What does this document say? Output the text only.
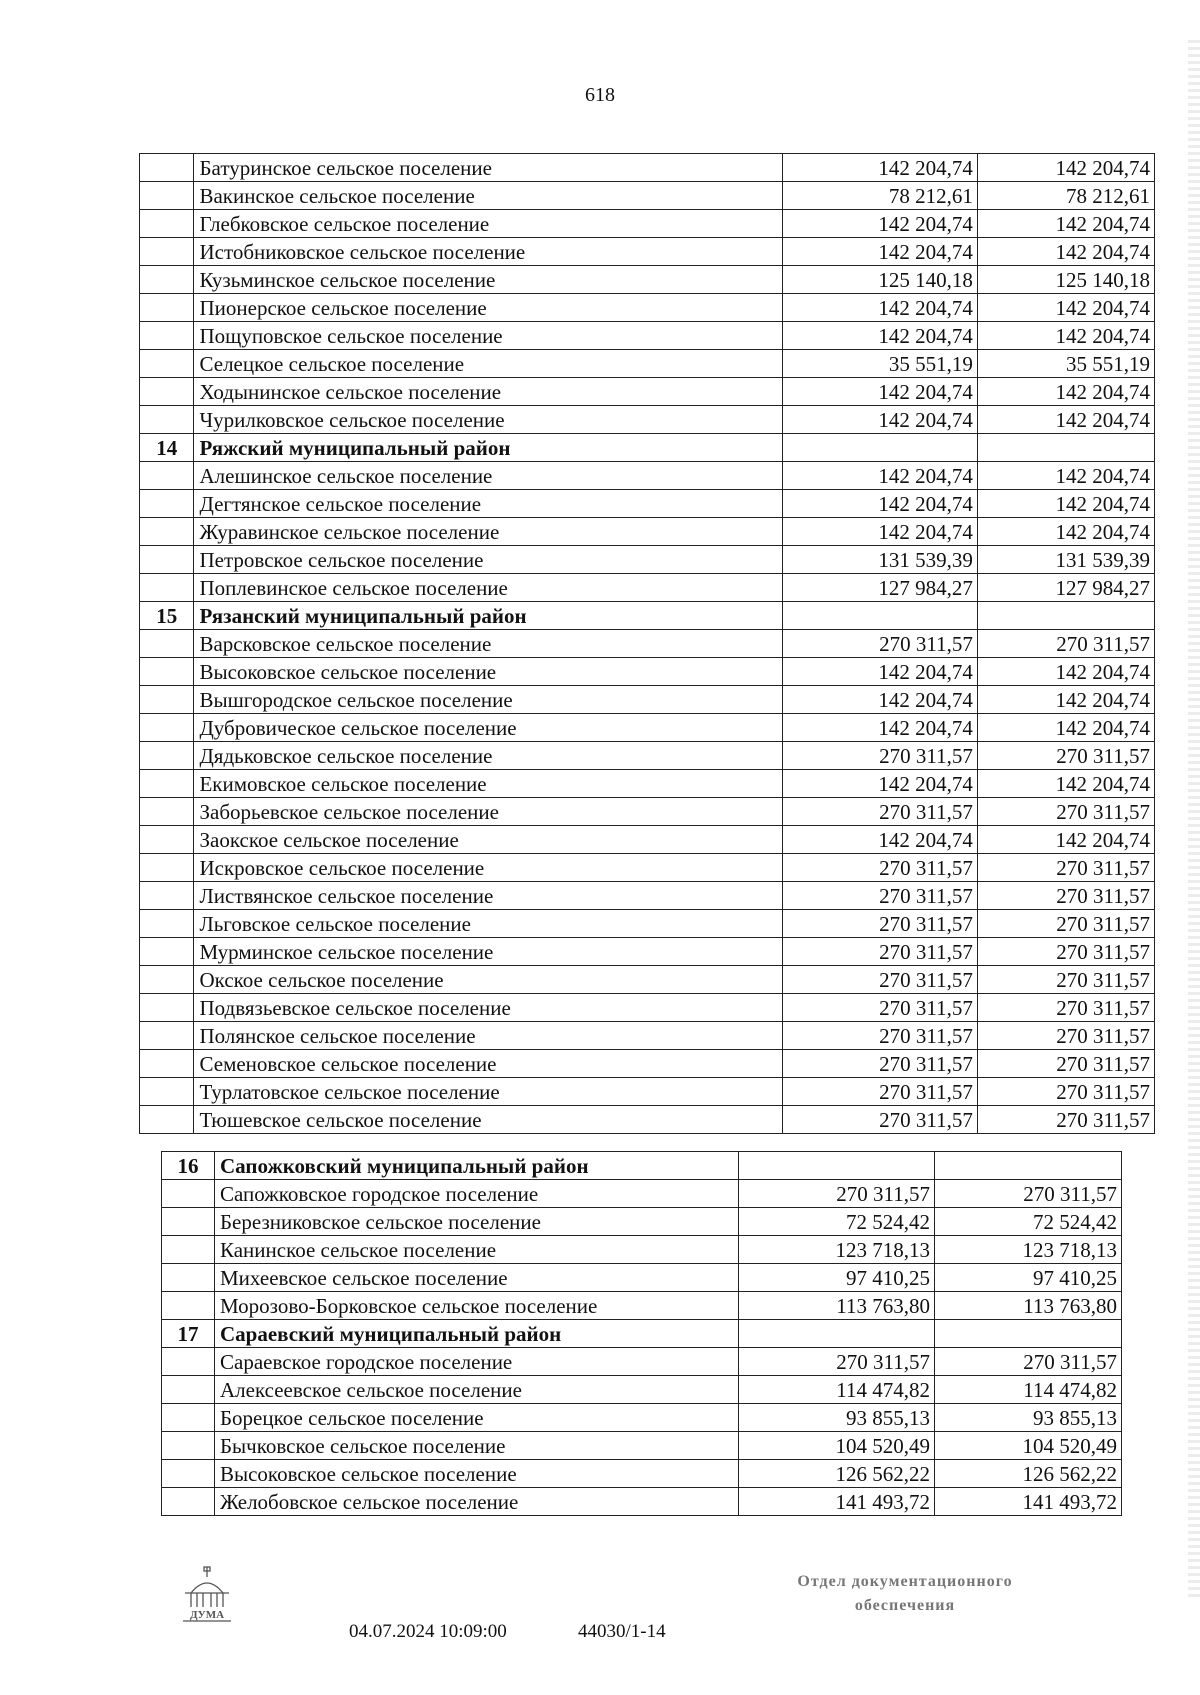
618
	Батуринское сельское поселение	142 204,74	142 204,74
	Вакинское сельское поселение	78 212,61	78 212,61
	Глебковское сельское поселение	142 204,74	142 204,74
	Истобниковское сельское поселение	142 204,74	142 204,74
	Кузьминское сельское поселение	125 140,18	125 140,18
	Пионерское сельское поселение	142 204,74	142 204,74
	Пощуповское сельское поселение	142 204,74	142 204,74
	Селецкое сельское поселение	35 551,19	35 551,19
	Ходынинское сельское поселение	142 204,74	142 204,74
	Чурилковское сельское поселение	142 204,74	142 204,74
14	Ряжский муниципальный район		
	Алешинское сельское поселение	142 204,74	142 204,74
	Дегтянское сельское поселение	142 204,74	142 204,74
	Журавинское сельское поселение	142 204,74	142 204,74
	Петровское сельское поселение	131 539,39	131 539,39
	Поплевинское сельское поселение	127 984,27	127 984,27
15	Рязанский муниципальный район		
	Варсковское сельское поселение	270 311,57	270 311,57
	Высоковское сельское поселение	142 204,74	142 204,74
	Вышгородское сельское поселение	142 204,74	142 204,74
	Дубровическое сельское поселение	142 204,74	142 204,74
	Дядьковское сельское поселение	270 311,57	270 311,57
	Екимовское сельское поселение	142 204,74	142 204,74
	Заборьевское сельское поселение	270 311,57	270 311,57
	Заокское сельское поселение	142 204,74	142 204,74
	Искровское сельское поселение	270 311,57	270 311,57
	Листвянское сельское поселение	270 311,57	270 311,57
	Льговское сельское поселение	270 311,57	270 311,57
	Мурминское сельское поселение	270 311,57	270 311,57
	Окское сельское поселение	270 311,57	270 311,57
	Подвязьевское сельское поселение	270 311,57	270 311,57
	Полянское сельское поселение	270 311,57	270 311,57
	Семеновское сельское поселение	270 311,57	270 311,57
	Турлатовское сельское поселение	270 311,57	270 311,57
	Тюшевское сельское поселение	270 311,57	270 311,57
16	Сапожковский муниципальный район		
	Сапожковское городское поселение	270 311,57	270 311,57
	Березниковское сельское поселение	72 524,42	72 524,42
	Канинское сельское поселение	123 718,13	123 718,13
	Михеевское сельское поселение	97 410,25	97 410,25
	Морозово-Борковское сельское поселение	113 763,80	113 763,80
17	Сараевский муниципальный район		
	Сараевское городское поселение	270 311,57	270 311,57
	Алексеевское сельское поселение	114 474,82	114 474,82
	Борецкое сельское поселение	93 855,13	93 855,13
	Бычковское сельское поселение	104 520,49	104 520,49
	Высоковское сельское поселение	126 562,22	126 562,22
	Желобовское сельское поселение	141 493,72	141 493,72
ДУМА
04.07.2024 10:09:00	44030/1-14
Отдел документационного
обеспечения
